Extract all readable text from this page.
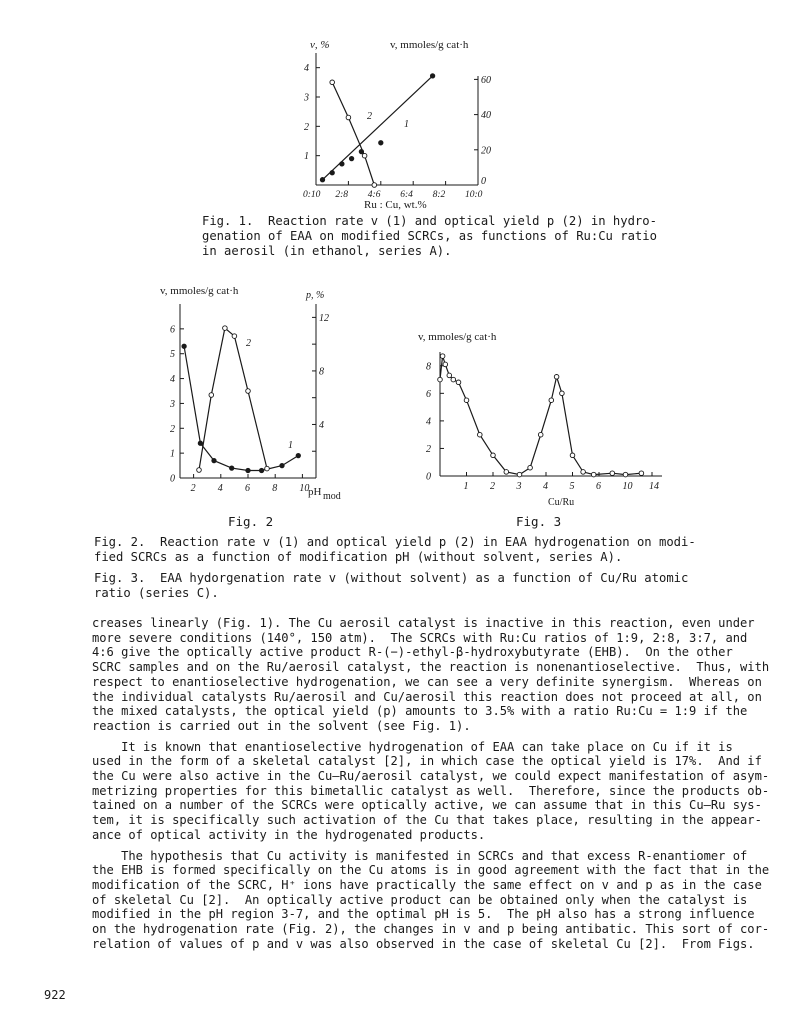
ν, %	v, mmoles/g cat·h
1
2
3
4
0
20
40
60
0:10 2:8 4:6 6:4 8:2 10:0
1
2
Ru : Cu, wt.%
Fig. 1.  Reaction rate v (1) and optical yield p (2) in hydro-
genation of EAA on modified SCRCs, as functions of Ru:Cu ratio
in aerosil (in ethanol, series A).
v, mmoles/g cat·h	p, %
0
1
2
3
4
5
6
4
8
12
2 4 6 8 10
1
2
pH mod
v, mmoles/g cat·h
0
2
4
6
8
1 2 3 4 5 6 10 14
Cu/Ru
Fig. 2	Fig. 3
Fig. 2.  Reaction rate v (1) and optical yield p (2) in EAA hydrogenation on modi-
fied SCRCs as a function of modification pH (without solvent, series A).
Fig. 3.  EAA hydorgenation rate v (without solvent) as a function of Cu/Ru atomic
ratio (series C).

creases linearly (Fig. 1). The Cu aerosil catalyst is inactive in this reaction, even under

more severe conditions (140°, 150 atm).  The SCRCs with Ru:Cu ratios of 1:9, 2:8, 3:7, and

4:6 give the optically active product R-(−)-ethyl-β-hydroxybutyrate (EHB).  On the other

SCRC samples and on the Ru/aerosil catalyst, the reaction is nonenantioselective.  Thus, with

respect to enantioselective hydrogenation, we can see a very definite synergism.  Whereas on

the individual catalysts Ru/aerosil and Cu/aerosil this reaction does not proceed at all, on

the mixed catalysts, the optical yield (p) amounts to 3.5% with a ratio Ru:Cu = 1:9 if the

reaction is carried out in the solvent (see Fig. 1).

It is known that enantioselective hydrogenation of EAA can take place on Cu if it is

used in the form of a skeletal catalyst [2], in which case the optical yield is 17%.  And if

the Cu were also active in the Cu–Ru/aerosil catalyst, we could expect manifestation of asym-

metrizing properties for this bimetallic catalyst as well.  Therefore, since the products ob-

tained on a number of the SCRCs were optically active, we can assume that in this Cu–Ru sys-

tem, it is specifically such activation of the Cu that takes place, resulting in the appear-

ance of optical activity in the hydrogenated products.

The hypothesis that Cu activity is manifested in SCRCs and that excess R-enantiomer of

the EHB is formed specifically on the Cu atoms is in good agreement with the fact that in the

modification of the SCRC, H⁺ ions have practically the same effect on v and p as in the case

of skeletal Cu [2].  An optically active product can be obtained only when the catalyst is

modified in the pH region 3-7, and the optimal pH is 5.  The pH also has a strong influence

on the hydrogenation rate (Fig. 2), the changes in v and p being antibatic. This sort of cor-

relation of values of p and v was also observed in the case of skeletal Cu [2].  From Figs.

922
